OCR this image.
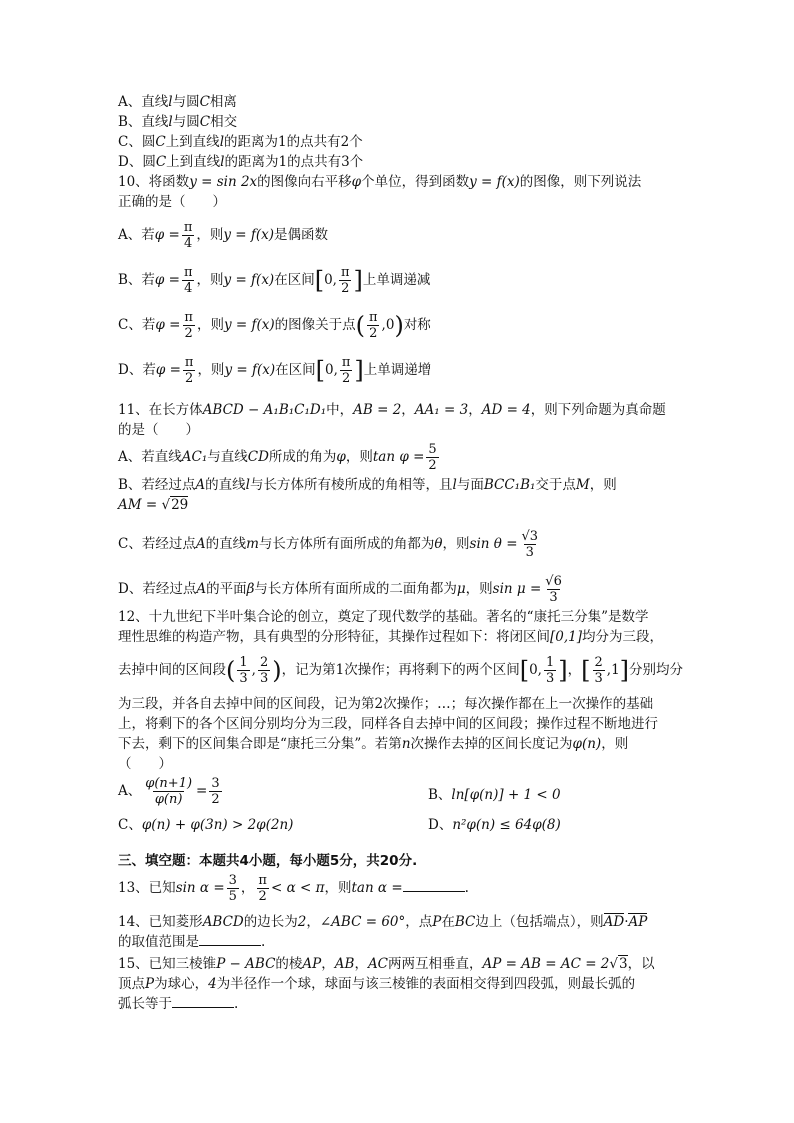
A、直线l与圆C相离
B、直线l与圆C相交
C、圆C上到直线l的距离为1的点共有2个
D、圆C上到直线l的距离为1的点共有3个
10、将函数y = sin 2x的图像向右平移φ个单位，得到函数y = f(x)的图像，则下列说法
正确的是（　　）
A、若$\varphi = \frac{\pi}{4}$ ，则y = f(x)是偶函数
B、若$\varphi = \frac{\pi}{4}$ ，则y = f(x)在区间[0, $\frac{\pi}{2}$ ]上单调递减
C、若$\varphi = \frac{\pi}{2}$ ，则y = f(x)的图像关于点( $\frac{\pi}{2} ,0$)对称
D、若$\varphi = \frac{\pi}{2}$ ，则y = f(x)在区间[0, $\frac{\pi}{2}$ ]上单调递增
11、在长方体ABCD − A₁B₁C₁D₁中，AB = 2，AA₁ = 3，AD = 4，则下列命题为真命题
的是（　　）
A、若直线AC₁与直线CD所成的角为φ，则$\tan \varphi = \frac{5}{2}$
B、若经过点A的直线l与长方体所有棱所成的角相等，且l与面BCC₁B₁交于点M，则
AM = √29
C、若经过点A的直线m与长方体所有面所成的角都为θ，则$\sin \theta = \frac{√3}{3}$
D、若经过点A的平面β与长方体所有面所成的二面角都为μ，则$\sin \mu = \frac{√6}{3}$
12、十九世纪下半叶集合论的创立，奠定了现代数学的基础。著名的“康托三分集”是数学
理性思维的构造产物，具有典型的分形特征，其操作过程如下：将闭区间[0,1]均分为三段，
去掉中间的区间段( $\frac{1}{3}$ , $\frac{2}{3}$ )，记为第1次操作；再将剩下的两个区间[0, $\frac{1}{3}$ ]，[ $\frac{2}{3} ,1$]分别均分
为三段，并各自去掉中间的区间段，记为第2次操作；…；每次操作都在上一次操作的基础
上，将剩下的各个区间分别均分为三段，同样各自去掉中间的区间段；操作过程不断地进行
下去，剩下的区间集合即是“康托三分集”。若第n次操作去掉的区间长度记为φ(n)，则
（　　）
A、 $\frac{\varphi(n+1)}{\varphi(n)} = \frac{3}{2}$	B、ln[φ(n)] + 1 < 0
C、φ(n) + φ(3n) > 2φ(2n)	D、n²φ(n) ≤ 64φ(8)
三、填空题：本题共4小题，每小题5分，共20分.
13、已知$\sin \alpha = \frac{3}{5}$ ， $\frac{\pi}{2} < \alpha < \pi$，则tan α =	.
14、已知菱形ABCD的边长为2，∠ABC = 60°，点P在BC边上（包括端点），则AD·AP
的取值范围是	.
15、已知三棱锥P − ABC的棱AP，AB，AC两两互相垂直，AP = AB = AC = 2√3，以
顶点P为球心，4为半径作一个球，球面与该三棱锥的表面相交得到四段弧，则最长弧的
弧长等于	.
